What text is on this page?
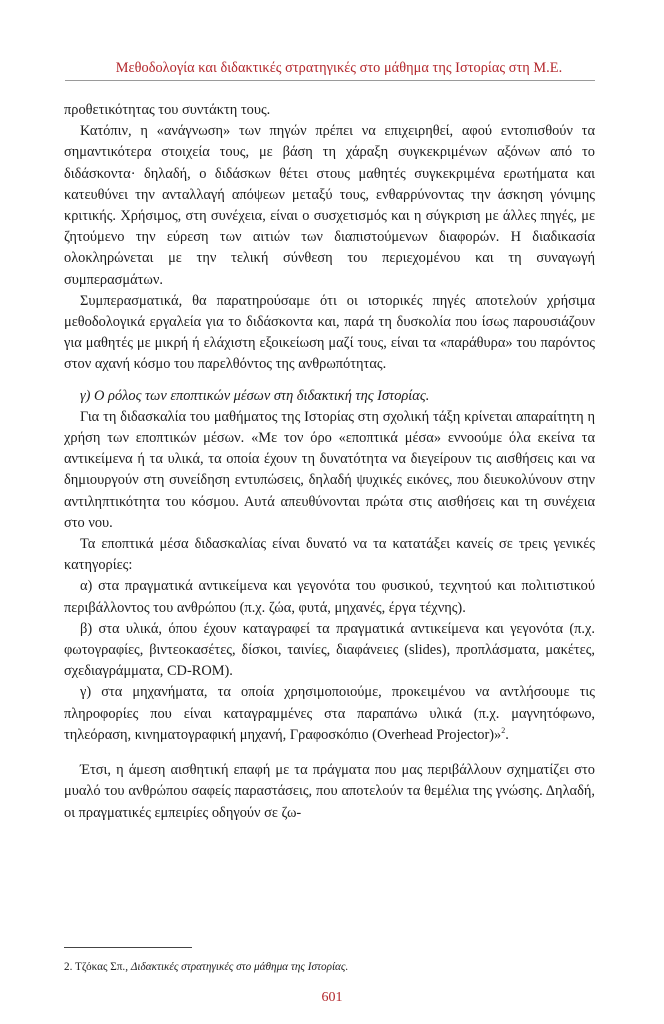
Μεθοδολογία και διδακτικές στρατηγικές στο μάθημα της Ιστορίας στη Μ.Ε.

προθετικότητας του συντάκτη τους.

Κατόπιν, η «ανάγνωση» των πηγών πρέπει να επιχειρηθεί, αφού εντοπισθούν τα σημαντικότερα στοιχεία τους, με βάση τη χάραξη συγκεκριμένων αξόνων από το διδάσκοντα· δηλαδή, ο διδάσκων θέτει στους μαθητές συγκεκριμένα ερωτήματα και κατευθύνει την ανταλλαγή απόψεων μεταξύ τους, ενθαρρύνοντας την άσκηση γόνιμης κριτικής. Χρήσιμος, στη συνέχεια, είναι ο συσχετισμός και η σύγκριση με άλλες πηγές, με ζητούμενο την εύρεση των αιτιών των διαπιστούμενων διαφορών. Η διαδικασία ολοκληρώνεται με την τελική σύνθεση του περιεχομένου και τη συναγωγή συμπερασμάτων.

Συμπερασματικά, θα παρατηρούσαμε ότι οι ιστορικές πηγές αποτελούν χρήσιμα μεθοδολογικά εργαλεία για το διδάσκοντα και, παρά τη δυσκολία που ίσως παρουσιάζουν για μαθητές με μικρή ή ελάχιστη εξοικείωση μαζί τους, είναι τα «παράθυρα» του παρόντος στον αχανή κόσμο του παρελθόντος της ανθρωπότητας.

γ) Ο ρόλος των εποπτικών μέσων στη διδακτική της Ιστορίας.

Για τη διδασκαλία του μαθήματος της Ιστορίας στη σχολική τάξη κρίνεται απαραίτητη η χρήση των εποπτικών μέσων. «Με τον όρο «εποπτικά μέσα» εννοούμε όλα εκείνα τα αντικείμενα ή τα υλικά, τα οποία έχουν τη δυνατότητα να διεγείρουν τις αισθήσεις και να δημιουργούν στη συνείδηση εντυπώσεις, δηλαδή ψυχικές εικόνες, που διευκολύνουν στην αντιληπτικότητα του κόσμου. Αυτά απευθύνονται πρώτα στις αισθήσεις και τη συνέχεια στο νου.

Τα εποπτικά μέσα διδασκαλίας είναι δυνατό να τα κατατάξει κανείς σε τρεις γενικές κατηγορίες:

α) στα πραγματικά αντικείμενα και γεγονότα του φυσικού, τεχνητού και πολιτιστικού περιβάλλοντος του ανθρώπου (π.χ. ζώα, φυτά, μηχανές, έργα τέχνης).

β) στα υλικά, όπου έχουν καταγραφεί τα πραγματικά αντικείμενα και γεγονότα (π.χ. φωτογραφίες, βιντεοκασέτες, δίσκοι, ταινίες, διαφάνειες (slides), προπλάσματα, μακέτες, σχεδιαγράμματα, CD-ROM).

γ) στα μηχανήματα, τα οποία χρησιμοποιούμε, προκειμένου να αντλήσουμε τις πληροφορίες που είναι καταγραμμένες στα παραπάνω υλικά (π.χ. μαγνητόφωνο, τηλεόραση, κινηματογραφική μηχανή, Γραφοσκόπιο (Overhead Projector)»$^2$.

Έτσι, η άμεση αισθητική επαφή με τα πράγματα που μας περιβάλλουν σχηματίζει στο μυαλό του ανθρώπου σαφείς παραστάσεις, που αποτελούν τα θεμέλια της γνώσης. Δηλαδή, οι πραγματικές εμπειρίες οδηγούν σε ζω-

2. Τζόκας Σπ., Διδακτικές στρατηγικές στο μάθημα της Ιστορίας.
601
